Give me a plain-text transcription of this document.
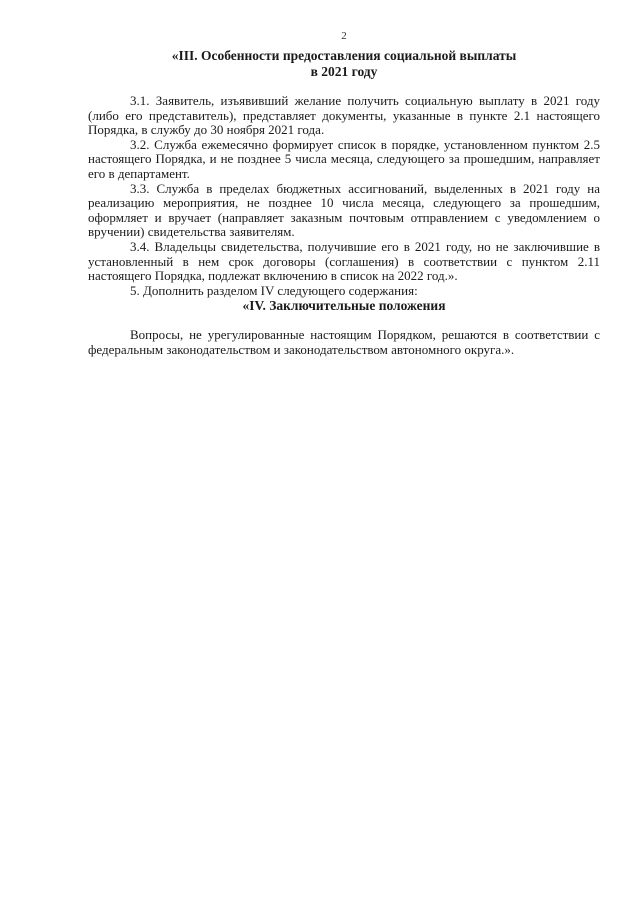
2
«III. Особенности предоставления социальной выплаты
в 2021 году

3.1. Заявитель, изъявивший желание получить социальную выплату в 2021 году (либо его представитель), представляет документы, указанные в пункте 2.1 настоящего Порядка, в службу до 30 ноября 2021 года.

3.2. Служба ежемесячно формирует список в порядке, установленном пунктом 2.5 настоящего Порядка, и не позднее 5 числа месяца, следующего за прошедшим, направляет его в департамент.

3.3. Служба в пределах бюджетных ассигнований, выделенных в 2021 году на реализацию мероприятия, не позднее 10 числа месяца, следующего за прошедшим, оформляет и вручает (направляет заказным почтовым отправлением с уведомлением о вручении) свидетельства заявителям.

3.4. Владельцы свидетельства, получившие его в 2021 году, но не заключившие в установленный в нем срок договоры (соглашения) в соответствии с пунктом 2.11 настоящего Порядка, подлежат включению в список на 2022 год.».

5. Дополнить разделом IV следующего содержания:

«IV. Заключительные положения

Вопросы, не урегулированные настоящим Порядком, решаются в соответствии с федеральным законодательством и законодательством автономного округа.».
